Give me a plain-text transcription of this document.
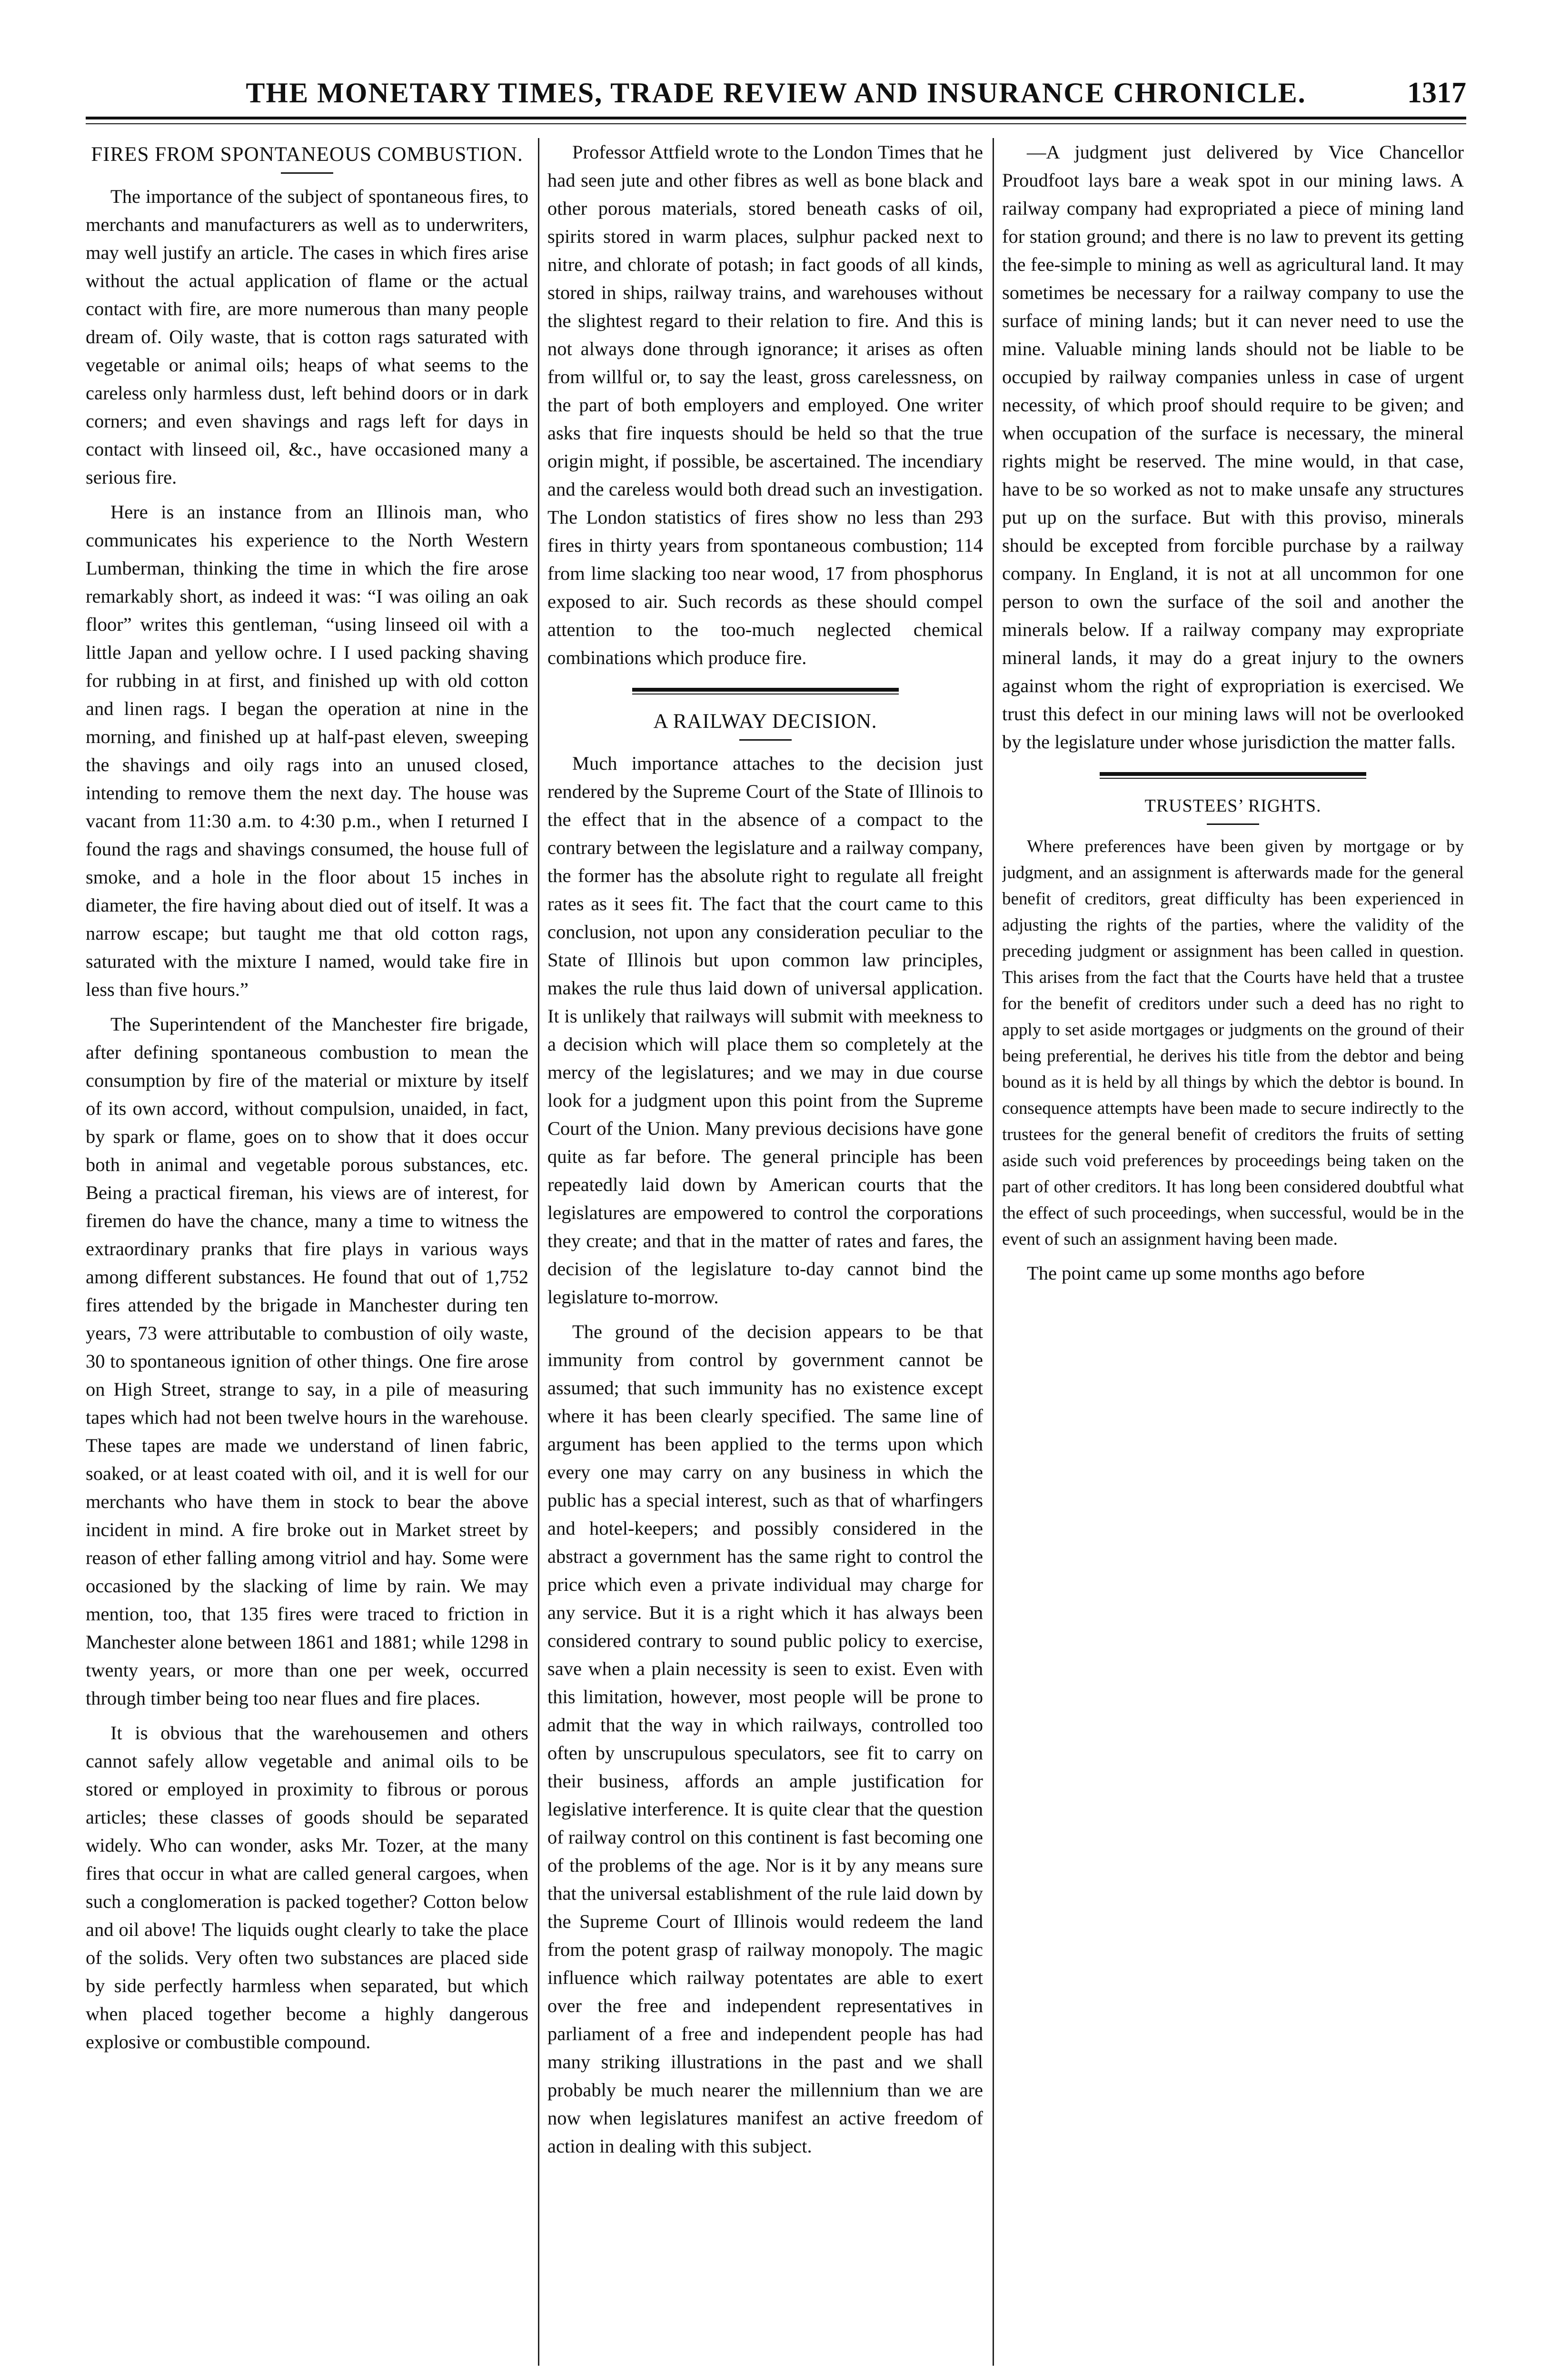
THE MONETARY TIMES, TRADE REVIEW AND INSURANCE CHRONICLE.	1317
FIRES FROM SPONTANEOUS COMBUSTION.

The importance of the subject of spontaneous fires, to merchants and manufacturers as well as to underwriters, may well justify an article. The cases in which fires arise without the actual application of flame or the actual contact with fire, are more numerous than many people dream of. Oily waste, that is cotton rags saturated with vegetable or animal oils; heaps of what seems to the careless only harmless dust, left behind doors or in dark corners; and even shavings and rags left for days in contact with linseed oil, &c., have occasioned many a serious fire.

Here is an instance from an Illinois man, who communicates his experience to the North Western Lumberman, thinking the time in which the fire arose remarkably short, as indeed it was: “I was oiling an oak floor” writes this gentleman, “using linseed oil with a little Japan and yellow ochre. I I used packing shaving for rubbing in at first, and finished up with old cotton and linen rags. I began the operation at nine in the morning, and finished up at half-past eleven, sweeping the shavings and oily rags into an unused closed, intending to remove them the next day. The house was vacant from 11:30 a.m. to 4:30 p.m., when I returned I found the rags and shavings consumed, the house full of smoke, and a hole in the floor about 15 inches in diameter, the fire having about died out of itself. It was a narrow escape; but taught me that old cotton rags, saturated with the mixture I named, would take fire in less than five hours.”

The Superintendent of the Manchester fire brigade, after defining spontaneous combustion to mean the consumption by fire of the material or mixture by itself of its own accord, without compulsion, unaided, in fact, by spark or flame, goes on to show that it does occur both in animal and vegetable porous substances, etc. Being a practical fireman, his views are of interest, for firemen do have the chance, many a time to witness the extraordinary pranks that fire plays in various ways among different substances. He found that out of 1,752 fires attended by the brigade in Manchester during ten years, 73 were attributable to combustion of oily waste, 30 to spontaneous ignition of other things. One fire arose on High Street, strange to say, in a pile of measuring tapes which had not been twelve hours in the warehouse. These tapes are made we understand of linen fabric, soaked, or at least coated with oil, and it is well for our merchants who have them in stock to bear the above incident in mind. A fire broke out in Market street by reason of ether falling among vitriol and hay. Some were occasioned by the slacking of lime by rain. We may mention, too, that 135 fires were traced to friction in Manchester alone between 1861 and 1881; while 1298 in twenty years, or more than one per week, occurred through timber being too near flues and fire places.

It is obvious that the warehousemen and others cannot safely allow vegetable and animal oils to be stored or employed in proximity to fibrous or porous articles; these classes of goods should be separated widely. Who can wonder, asks Mr. Tozer, at the many fires that occur in what are called general cargoes, when such a conglomeration is packed together? Cotton below and oil above! The liquids ought clearly to take the place of the solids. Very often two substances are placed side by side perfectly harmless when separated, but which when placed together become a highly dangerous explosive or combustible compound.

Professor Attfield wrote to the London Times that he had seen jute and other fibres as well as bone black and other porous materials, stored beneath casks of oil, spirits stored in warm places, sulphur packed next to nitre, and chlorate of potash; in fact goods of all kinds, stored in ships, railway trains, and warehouses without the slightest regard to their relation to fire. And this is not always done through ignorance; it arises as often from willful or, to say the least, gross carelessness, on the part of both employers and employed. One writer asks that fire inquests should be held so that the true origin might, if possible, be ascertained. The incendiary and the careless would both dread such an investigation. The London statistics of fires show no less than 293 fires in thirty years from spontaneous combustion; 114 from lime slacking too near wood, 17 from phosphorus exposed to air. Such records as these should compel attention to the too-much neglected chemical combinations which produce fire.

A RAILWAY DECISION.

Much importance attaches to the decision just rendered by the Supreme Court of the State of Illinois to the effect that in the absence of a compact to the contrary between the legislature and a railway company, the former has the absolute right to regulate all freight rates as it sees fit. The fact that the court came to this conclusion, not upon any consideration peculiar to the State of Illinois but upon common law principles, makes the rule thus laid down of universal application. It is unlikely that railways will submit with meekness to a decision which will place them so completely at the mercy of the legislatures; and we may in due course look for a judgment upon this point from the Supreme Court of the Union. Many previous decisions have gone quite as far before. The general principle has been repeatedly laid down by American courts that the legislatures are empowered to control the corporations they create; and that in the matter of rates and fares, the decision of the legislature to-day cannot bind the legislature to-morrow.

The ground of the decision appears to be that immunity from control by government cannot be assumed; that such immunity has no existence except where it has been clearly specified. The same line of argument has been applied to the terms upon which every one may carry on any business in which the public has a special interest, such as that of wharfingers and hotel-keepers; and possibly considered in the abstract a government has the same right to control the price which even a private individual may charge for any service. But it is a right which it has always been considered contrary to sound public policy to exercise, save when a plain necessity is seen to exist. Even with this limitation, however, most people will be prone to admit that the way in which railways, controlled too often by unscrupulous speculators, see fit to carry on their business, affords an ample justification for legislative interference. It is quite clear that the question of railway control on this continent is fast becoming one of the problems of the age. Nor is it by any means sure that the universal establishment of the rule laid down by the Supreme Court of Illinois would redeem the land from the potent grasp of railway monopoly. The magic influence which railway potentates are able to exert over the free and independent representatives in parliament of a free and independent people has had many striking illustrations in the past and we shall probably be much nearer the millennium than we are now when legislatures manifest an active freedom of action in dealing with this subject.

—A judgment just delivered by Vice Chancellor Proudfoot lays bare a weak spot in our mining laws. A railway company had expropriated a piece of mining land for station ground; and there is no law to prevent its getting the fee-simple to mining as well as agricultural land. It may sometimes be necessary for a railway company to use the surface of mining lands; but it can never need to use the mine. Valuable mining lands should not be liable to be occupied by railway companies unless in case of urgent necessity, of which proof should require to be given; and when occupation of the surface is necessary, the mineral rights might be reserved. The mine would, in that case, have to be so worked as not to make unsafe any structures put up on the surface. But with this proviso, minerals should be excepted from forcible purchase by a railway company. In England, it is not at all uncommon for one person to own the surface of the soil and another the minerals below. If a railway company may expropriate mineral lands, it may do a great injury to the owners against whom the right of expropriation is exercised. We trust this defect in our mining laws will not be overlooked by the legislature under whose jurisdiction the matter falls.

TRUSTEES’ RIGHTS.

Where preferences have been given by mortgage or by judgment, and an assignment is afterwards made for the general benefit of creditors, great difficulty has been experienced in adjusting the rights of the parties, where the validity of the preceding judgment or assignment has been called in question. This arises from the fact that the Courts have held that a trustee for the benefit of creditors under such a deed has no right to apply to set aside mortgages or judgments on the ground of their being preferential, he derives his title from the debtor and being bound as it is held by all things by which the debtor is bound. In consequence attempts have been made to secure indirectly to the trustees for the general benefit of creditors the fruits of setting aside such void preferences by proceedings being taken on the part of other creditors. It has long been considered doubtful what the effect of such proceedings, when successful, would be in the event of such an assignment having been made.

The point came up some months ago before
